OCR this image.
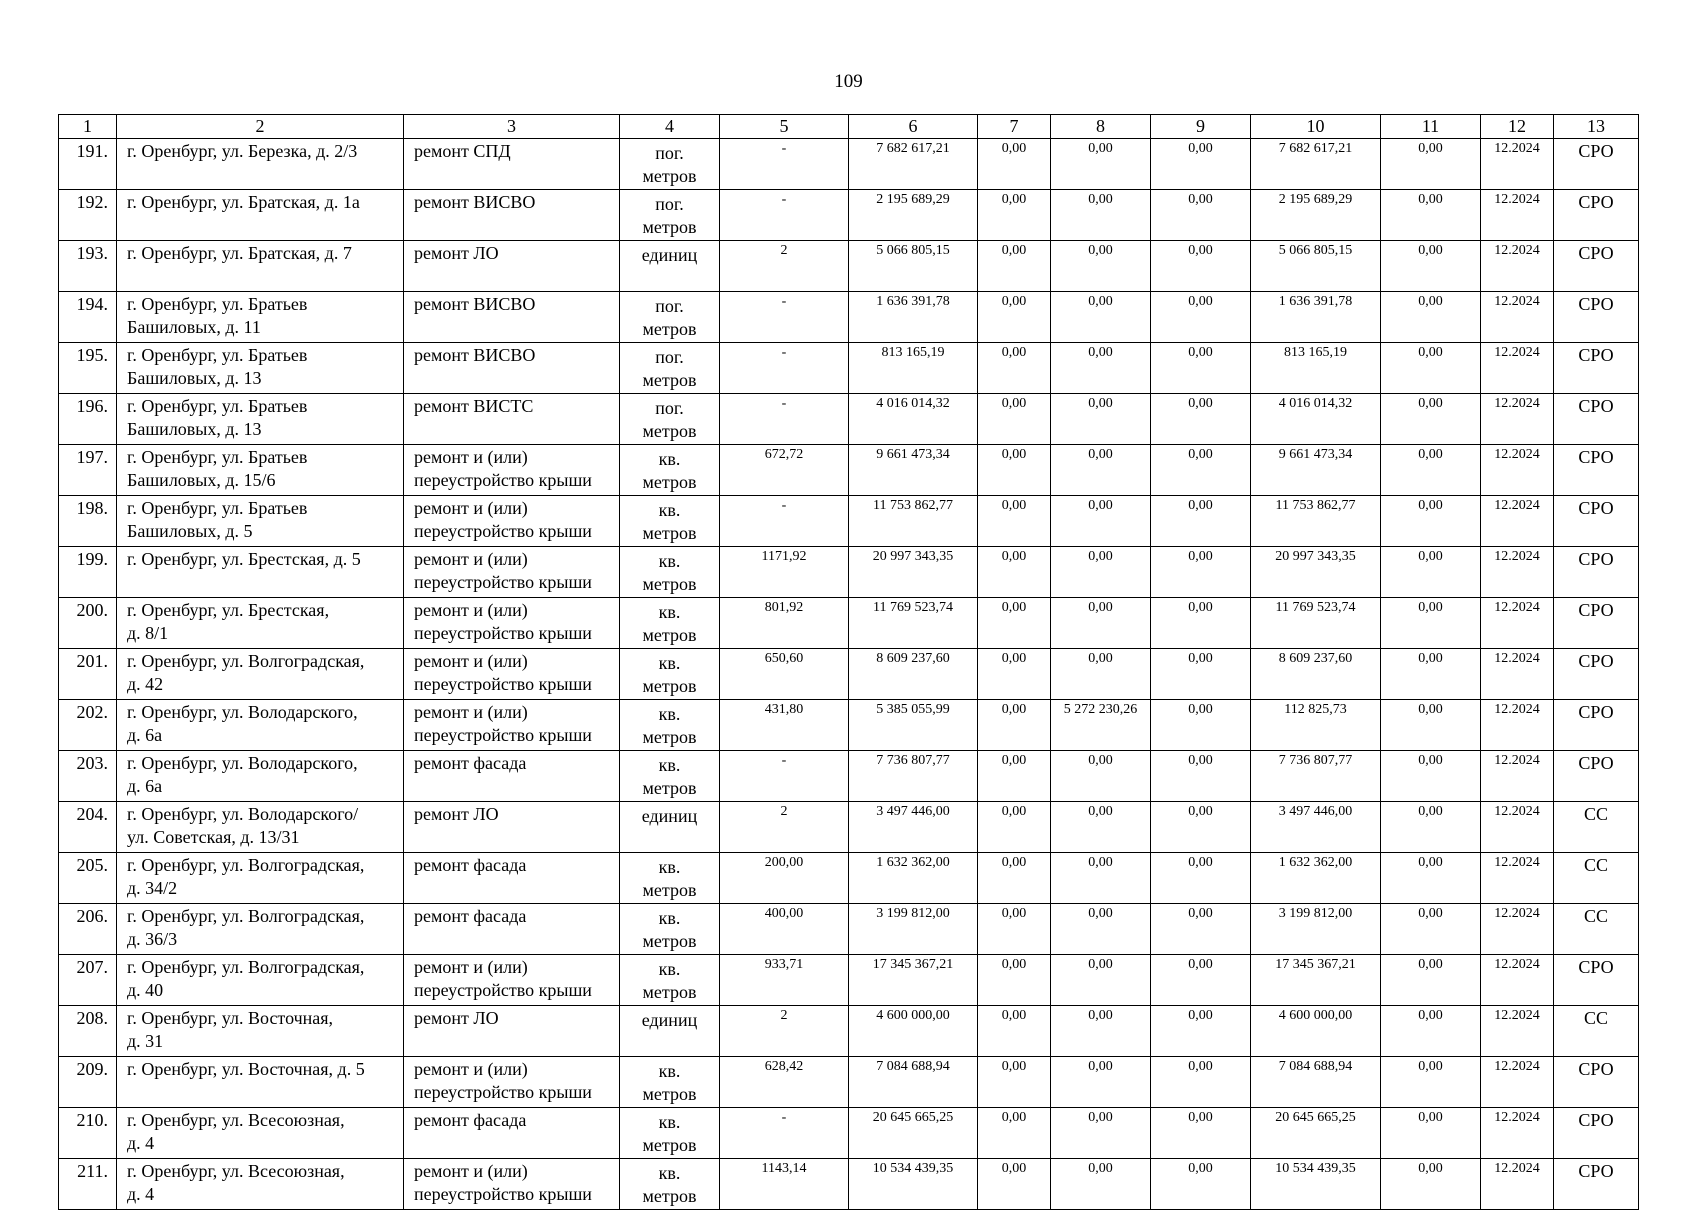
109
1	2	3	4	5	6	7	8	9	10	11	12	13

191.	г. Оренбург, ул. Березка, д. 2/3	ремонт СПД	пог.
метров	-	7 682 617,21	0,00	0,00	0,00	7 682 617,21	0,00	12.2024	СРО

192.	г. Оренбург, ул. Братская, д. 1а	ремонт ВИСВО	пог.
метров	-	2 195 689,29	0,00	0,00	0,00	2 195 689,29	0,00	12.2024	СРО

193.	г. Оренбург, ул. Братская, д. 7	ремонт ЛО	единиц	2	5 066 805,15	0,00	0,00	0,00	5 066 805,15	0,00	12.2024	СРО

194.	г. Оренбург, ул. Братьев
Башиловых, д. 11	ремонт ВИСВО	пог.
метров	-	1 636 391,78	0,00	0,00	0,00	1 636 391,78	0,00	12.2024	СРО

195.	г. Оренбург, ул. Братьев
Башиловых, д. 13	ремонт ВИСВО	пог.
метров	-	813 165,19	0,00	0,00	0,00	813 165,19	0,00	12.2024	СРО

196.	г. Оренбург, ул. Братьев
Башиловых, д. 13	ремонт ВИСТС	пог.
метров	-	4 016 014,32	0,00	0,00	0,00	4 016 014,32	0,00	12.2024	СРО

197.	г. Оренбург, ул. Братьев
Башиловых, д. 15/6	ремонт и (или)
переустройство крыши	кв.
метров	672,72	9 661 473,34	0,00	0,00	0,00	9 661 473,34	0,00	12.2024	СРО

198.	г. Оренбург, ул. Братьев
Башиловых, д. 5	ремонт и (или)
переустройство крыши	кв.
метров	-	11 753 862,77	0,00	0,00	0,00	11 753 862,77	0,00	12.2024	СРО

199.	г. Оренбург, ул. Брестская, д. 5	ремонт и (или)
переустройство крыши	кв.
метров	1171,92	20 997 343,35	0,00	0,00	0,00	20 997 343,35	0,00	12.2024	СРО

200.	г. Оренбург, ул. Брестская,
д. 8/1	ремонт и (или)
переустройство крыши	кв.
метров	801,92	11 769 523,74	0,00	0,00	0,00	11 769 523,74	0,00	12.2024	СРО

201.	г. Оренбург, ул. Волгоградская,
д. 42	ремонт и (или)
переустройство крыши	кв.
метров	650,60	8 609 237,60	0,00	0,00	0,00	8 609 237,60	0,00	12.2024	СРО

202.	г. Оренбург, ул. Володарского,
д. 6а	ремонт и (или)
переустройство крыши	кв.
метров	431,80	5 385 055,99	0,00	5 272 230,26	0,00	112 825,73	0,00	12.2024	СРО

203.	г. Оренбург, ул. Володарского,
д. 6а	ремонт фасада	кв.
метров	-	7 736 807,77	0,00	0,00	0,00	7 736 807,77	0,00	12.2024	СРО

204.	г. Оренбург, ул. Володарского/
ул. Советская, д. 13/31	ремонт ЛО	единиц	2	3 497 446,00	0,00	0,00	0,00	3 497 446,00	0,00	12.2024	СС

205.	г. Оренбург, ул. Волгоградская,
д. 34/2	ремонт фасада	кв.
метров	200,00	1 632 362,00	0,00	0,00	0,00	1 632 362,00	0,00	12.2024	СС

206.	г. Оренбург, ул. Волгоградская,
д. 36/3	ремонт фасада	кв.
метров	400,00	3 199 812,00	0,00	0,00	0,00	3 199 812,00	0,00	12.2024	СС

207.	г. Оренбург, ул. Волгоградская,
д. 40	ремонт и (или)
переустройство крыши	кв.
метров	933,71	17 345 367,21	0,00	0,00	0,00	17 345 367,21	0,00	12.2024	СРО

208.	г. Оренбург, ул. Восточная,
д. 31	ремонт ЛО	единиц	2	4 600 000,00	0,00	0,00	0,00	4 600 000,00	0,00	12.2024	СС

209.	г. Оренбург, ул. Восточная, д. 5	ремонт и (или)
переустройство крыши	кв.
метров	628,42	7 084 688,94	0,00	0,00	0,00	7 084 688,94	0,00	12.2024	СРО

210.	г. Оренбург, ул. Всесоюзная,
д. 4	ремонт фасада	кв.
метров	-	20 645 665,25	0,00	0,00	0,00	20 645 665,25	0,00	12.2024	СРО

211.	г. Оренбург, ул. Всесоюзная,
д. 4	ремонт и (или)
переустройство крыши	кв.
метров	1143,14	10 534 439,35	0,00	0,00	0,00	10 534 439,35	0,00	12.2024	СРО
